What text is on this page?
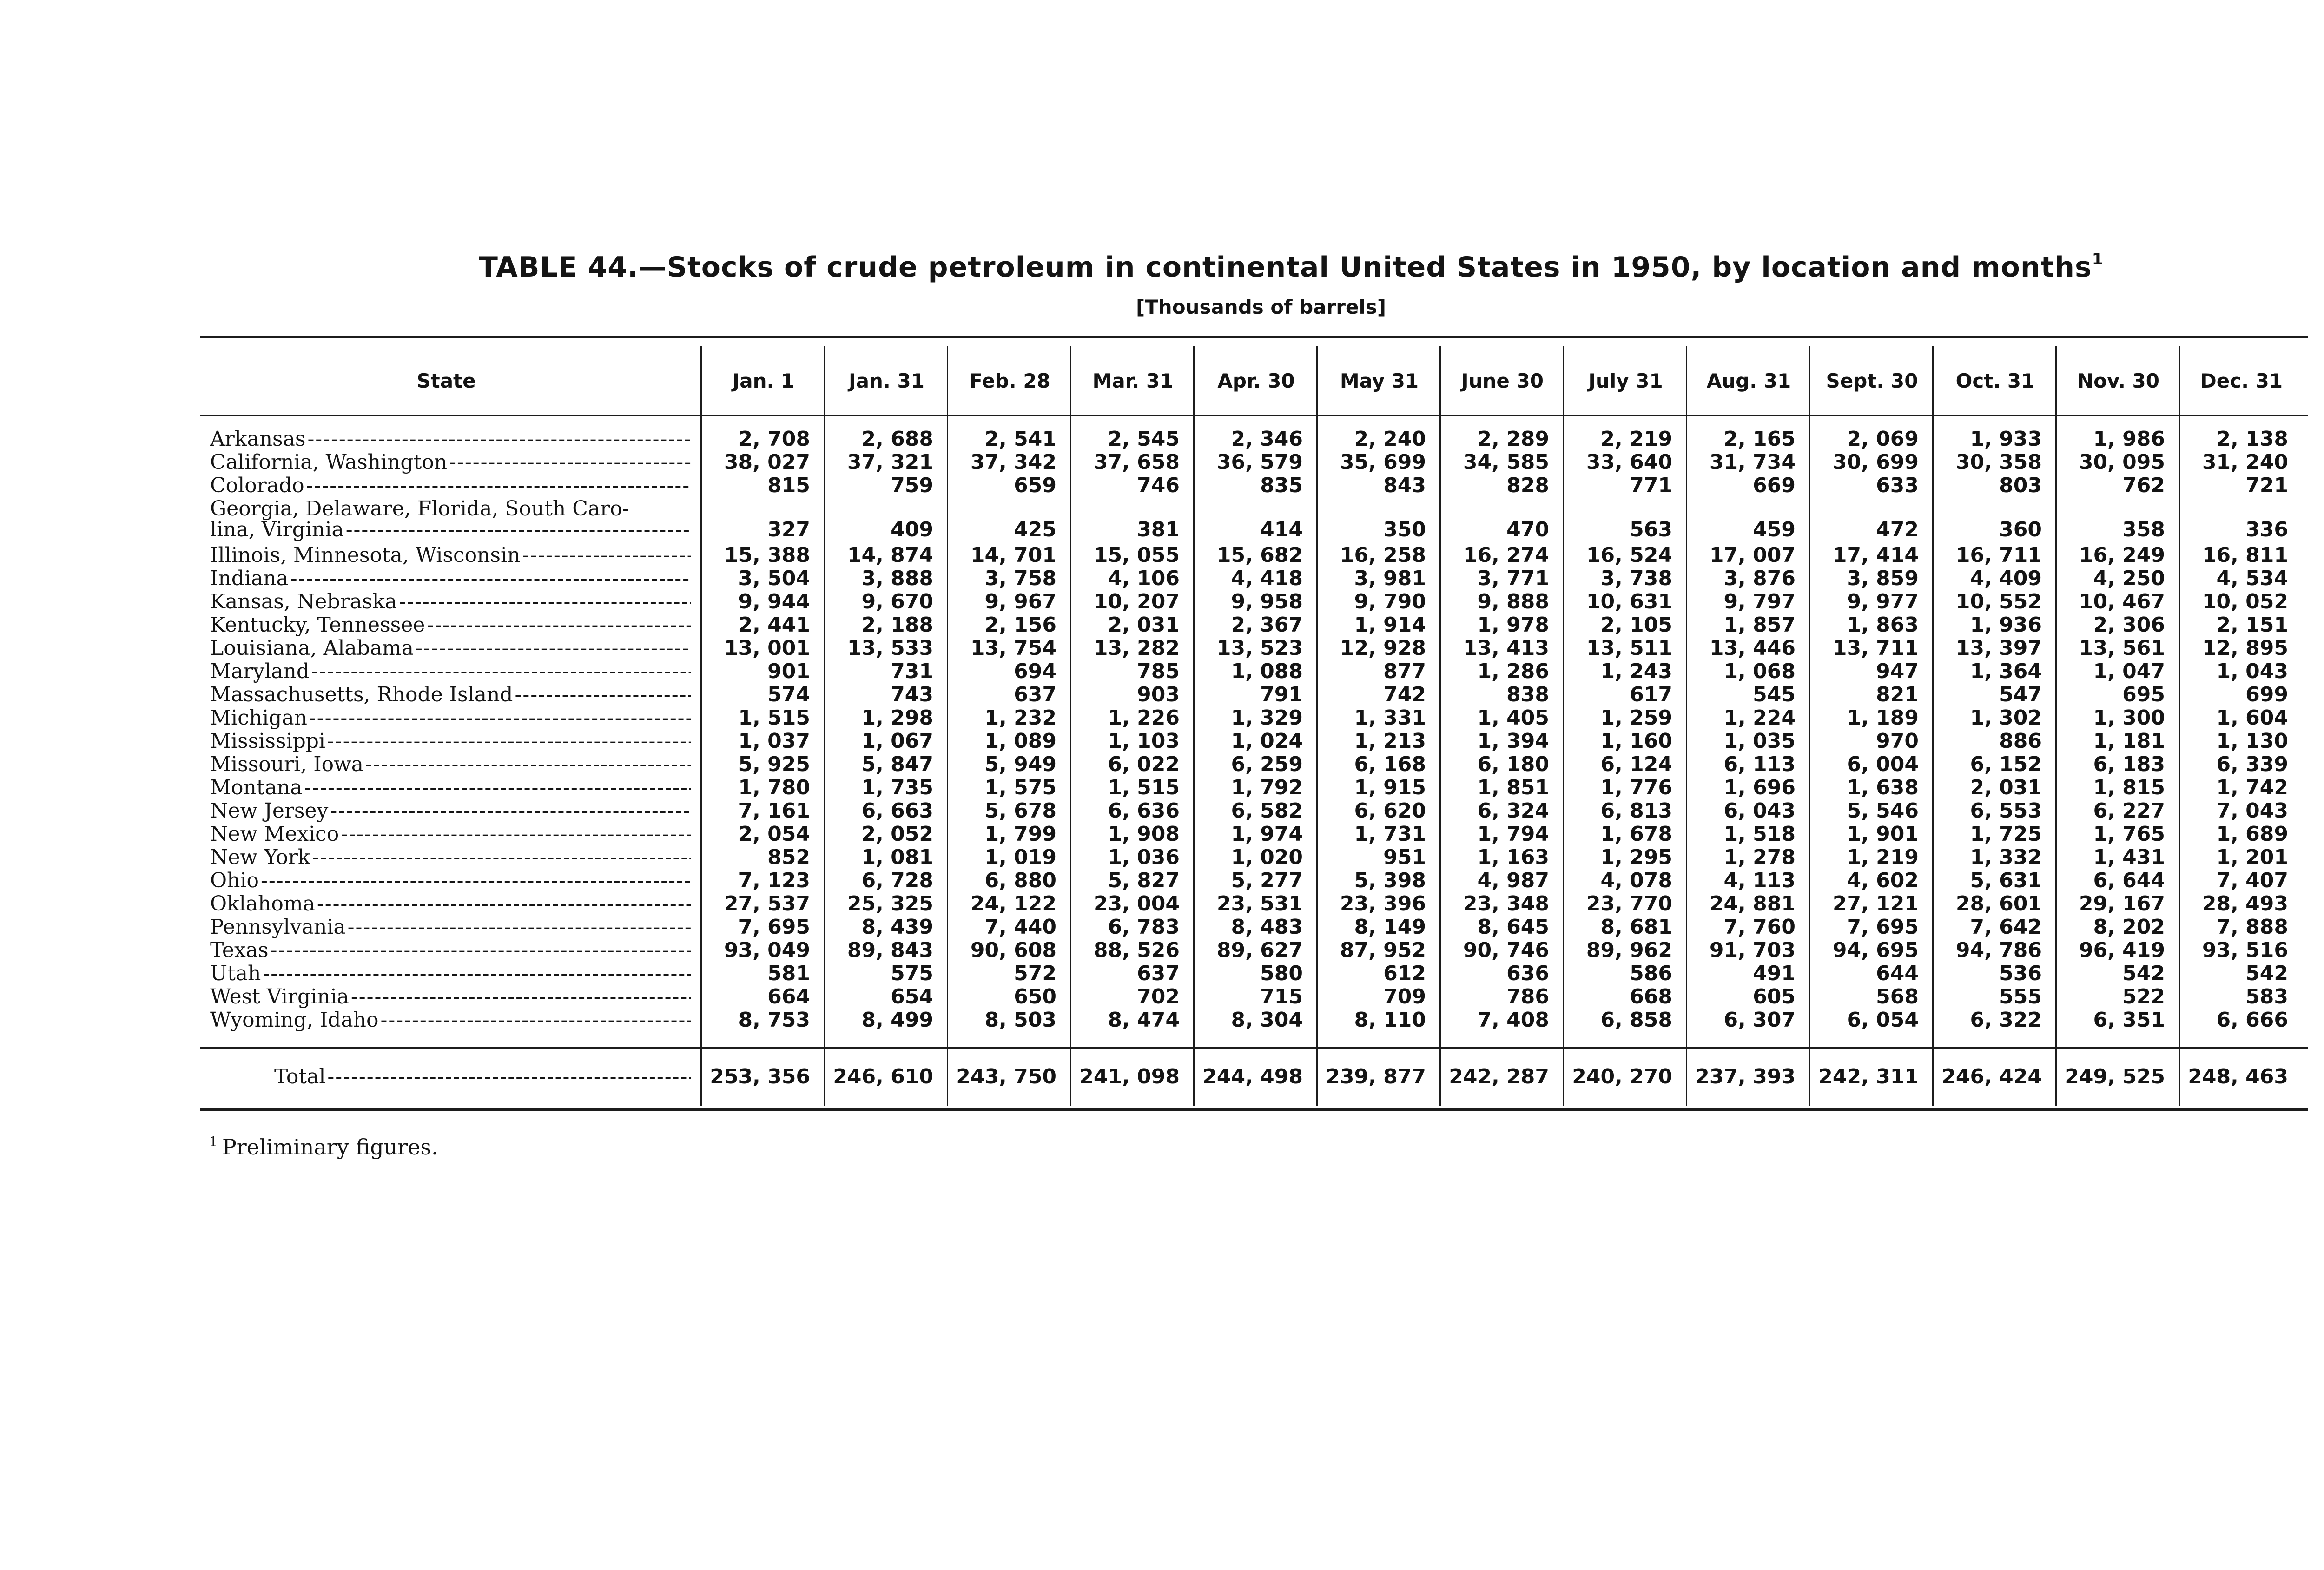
TABLE 44.—Stocks of crude petroleum in continental United States in 1950, by location and months$^1$
[Thousands of barrels]
State	Jan. 1	Jan. 31	Feb. 28	Mar. 31	Apr. 30	May 31	June 30	July 31	Aug. 31	Sept. 30	Oct. 31	Nov. 30	Dec. 31
Arkansas -----	2, 708	2, 688	2, 541	2, 545	2, 346	2, 240	2, 289	2, 219	2, 165	2, 069	1, 933	1, 986	2, 138
California, Washington -----	38, 027	37, 321	37, 342	37, 658	36, 579	35, 699	34, 585	33, 640	31, 734	30, 699	30, 358	30, 095	31, 240
Colorado -----	815	759	659	746	835	843	828	771	669	633	803	762	721
Georgia, Delaware, Florida, South Caro-
lina, Virginia -----	327	409	425	381	414	350	470	563	459	472	360	358	336
Illinois, Minnesota, Wisconsin -----	15, 388	14, 874	14, 701	15, 055	15, 682	16, 258	16, 274	16, 524	17, 007	17, 414	16, 711	16, 249	16, 811
Indiana -----	3, 504	3, 888	3, 758	4, 106	4, 418	3, 981	3, 771	3, 738	3, 876	3, 859	4, 409	4, 250	4, 534
Kansas, Nebraska -----	9, 944	9, 670	9, 967	10, 207	9, 958	9, 790	9, 888	10, 631	9, 797	9, 977	10, 552	10, 467	10, 052
Kentucky, Tennessee -----	2, 441	2, 188	2, 156	2, 031	2, 367	1, 914	1, 978	2, 105	1, 857	1, 863	1, 936	2, 306	2, 151
Louisiana, Alabama -----	13, 001	13, 533	13, 754	13, 282	13, 523	12, 928	13, 413	13, 511	13, 446	13, 711	13, 397	13, 561	12, 895
Maryland -----	901	731	694	785	1, 088	877	1, 286	1, 243	1, 068	947	1, 364	1, 047	1, 043
Massachusetts, Rhode Island -----	574	743	637	903	791	742	838	617	545	821	547	695	699
Michigan -----	1, 515	1, 298	1, 232	1, 226	1, 329	1, 331	1, 405	1, 259	1, 224	1, 189	1, 302	1, 300	1, 604
Mississippi -----	1, 037	1, 067	1, 089	1, 103	1, 024	1, 213	1, 394	1, 160	1, 035	970	886	1, 181	1, 130
Missouri, Iowa -----	5, 925	5, 847	5, 949	6, 022	6, 259	6, 168	6, 180	6, 124	6, 113	6, 004	6, 152	6, 183	6, 339
Montana -----	1, 780	1, 735	1, 575	1, 515	1, 792	1, 915	1, 851	1, 776	1, 696	1, 638	2, 031	1, 815	1, 742
New Jersey -----	7, 161	6, 663	5, 678	6, 636	6, 582	6, 620	6, 324	6, 813	6, 043	5, 546	6, 553	6, 227	7, 043
New Mexico -----	2, 054	2, 052	1, 799	1, 908	1, 974	1, 731	1, 794	1, 678	1, 518	1, 901	1, 725	1, 765	1, 689
New York -----	852	1, 081	1, 019	1, 036	1, 020	951	1, 163	1, 295	1, 278	1, 219	1, 332	1, 431	1, 201
Ohio -----	7, 123	6, 728	6, 880	5, 827	5, 277	5, 398	4, 987	4, 078	4, 113	4, 602	5, 631	6, 644	7, 407
Oklahoma -----	27, 537	25, 325	24, 122	23, 004	23, 531	23, 396	23, 348	23, 770	24, 881	27, 121	28, 601	29, 167	28, 493
Pennsylvania -----	7, 695	8, 439	7, 440	6, 783	8, 483	8, 149	8, 645	8, 681	7, 760	7, 695	7, 642	8, 202	7, 888
Texas -----	93, 049	89, 843	90, 608	88, 526	89, 627	87, 952	90, 746	89, 962	91, 703	94, 695	94, 786	96, 419	93, 516
Utah -----	581	575	572	637	580	612	636	586	491	644	536	542	542
West Virginia -----	664	654	650	702	715	709	786	668	605	568	555	522	583
Wyoming, Idaho -----	8, 753	8, 499	8, 503	8, 474	8, 304	8, 110	7, 408	6, 858	6, 307	6, 054	6, 322	6, 351	6, 666
Total -----	253, 356	246, 610	243, 750	241, 098	244, 498	239, 877	242, 287	240, 270	237, 393	242, 311	246, 424	249, 525	248, 463
$^1$ Preliminary figures.
